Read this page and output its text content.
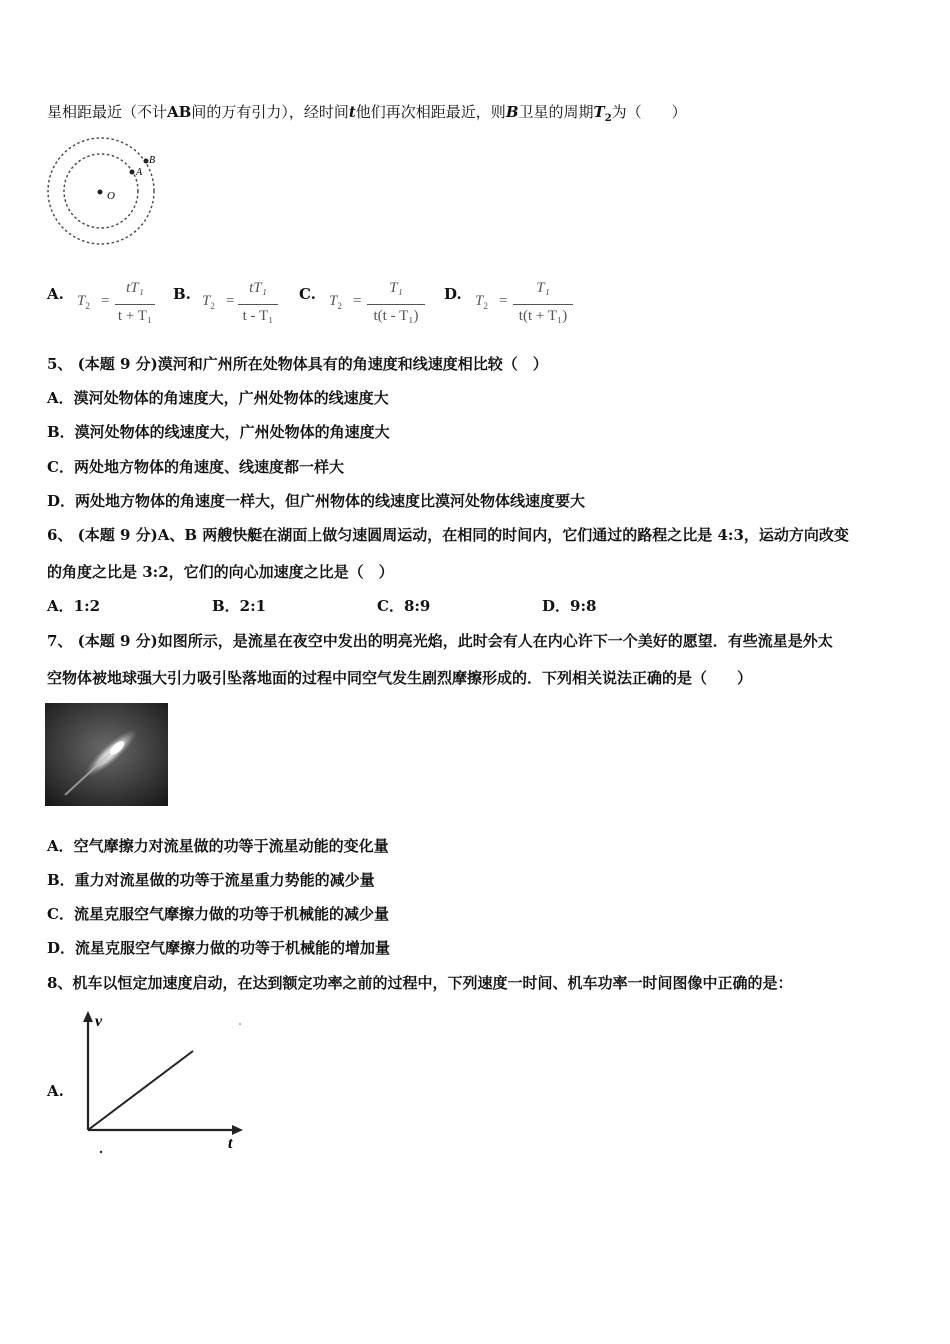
星相距最近（不计AB间的万有引力），经时间t他们再次相距最近，则B卫星的周期$T_2$为（　　）
O
A
B
A. $T_2$ =
tT₁
t + T₁
B. $T_2$ =
tT₁
t - T₁
C. $T_2$ =
T₁
t(t - T₁)
D. $T_2$ =
T₁
t(t + T₁)
5、 (本题 9 分)漠河和广州所在处物体具有的角速度和线速度相比较（　）
A．漠河处物体的角速度大，广州处物体的线速度大
B．漠河处物体的线速度大，广州处物体的角速度大
C．两处地方物体的角速度、线速度都一样大
D．两处地方物体的角速度一样大，但广州物体的线速度比漠河处物体线速度要大
6、 (本题 9 分)A、B 两艘快艇在湖面上做匀速圆周运动，在相同的时间内，它们通过的路程之比是 4:3，运动方向改变
的角度之比是 3:2，它们的向心加速度之比是（　）
A．1:2	B．2:1	C．8:9	D．9:8
7、 (本题 9 分)如图所示，是流星在夜空中发出的明亮光焰，此时会有人在内心许下一个美好的愿望．有些流星是外太
空物体被地球强大引力吸引坠落地面的过程中同空气发生剧烈摩擦形成的．下列相关说法正确的是（　　）
A．空气摩擦力对流星做的功等于流星动能的变化量
B．重力对流星做的功等于流星重力势能的减少量
C．流星克服空气摩擦力做的功等于机械能的减少量
D．流星克服空气摩擦力做的功等于机械能的增加量
8、机车以恒定加速度启动，在达到额定功率之前的过程中，下列速度一时间、机车功率一时间图像中正确的是：
A.
v
t
